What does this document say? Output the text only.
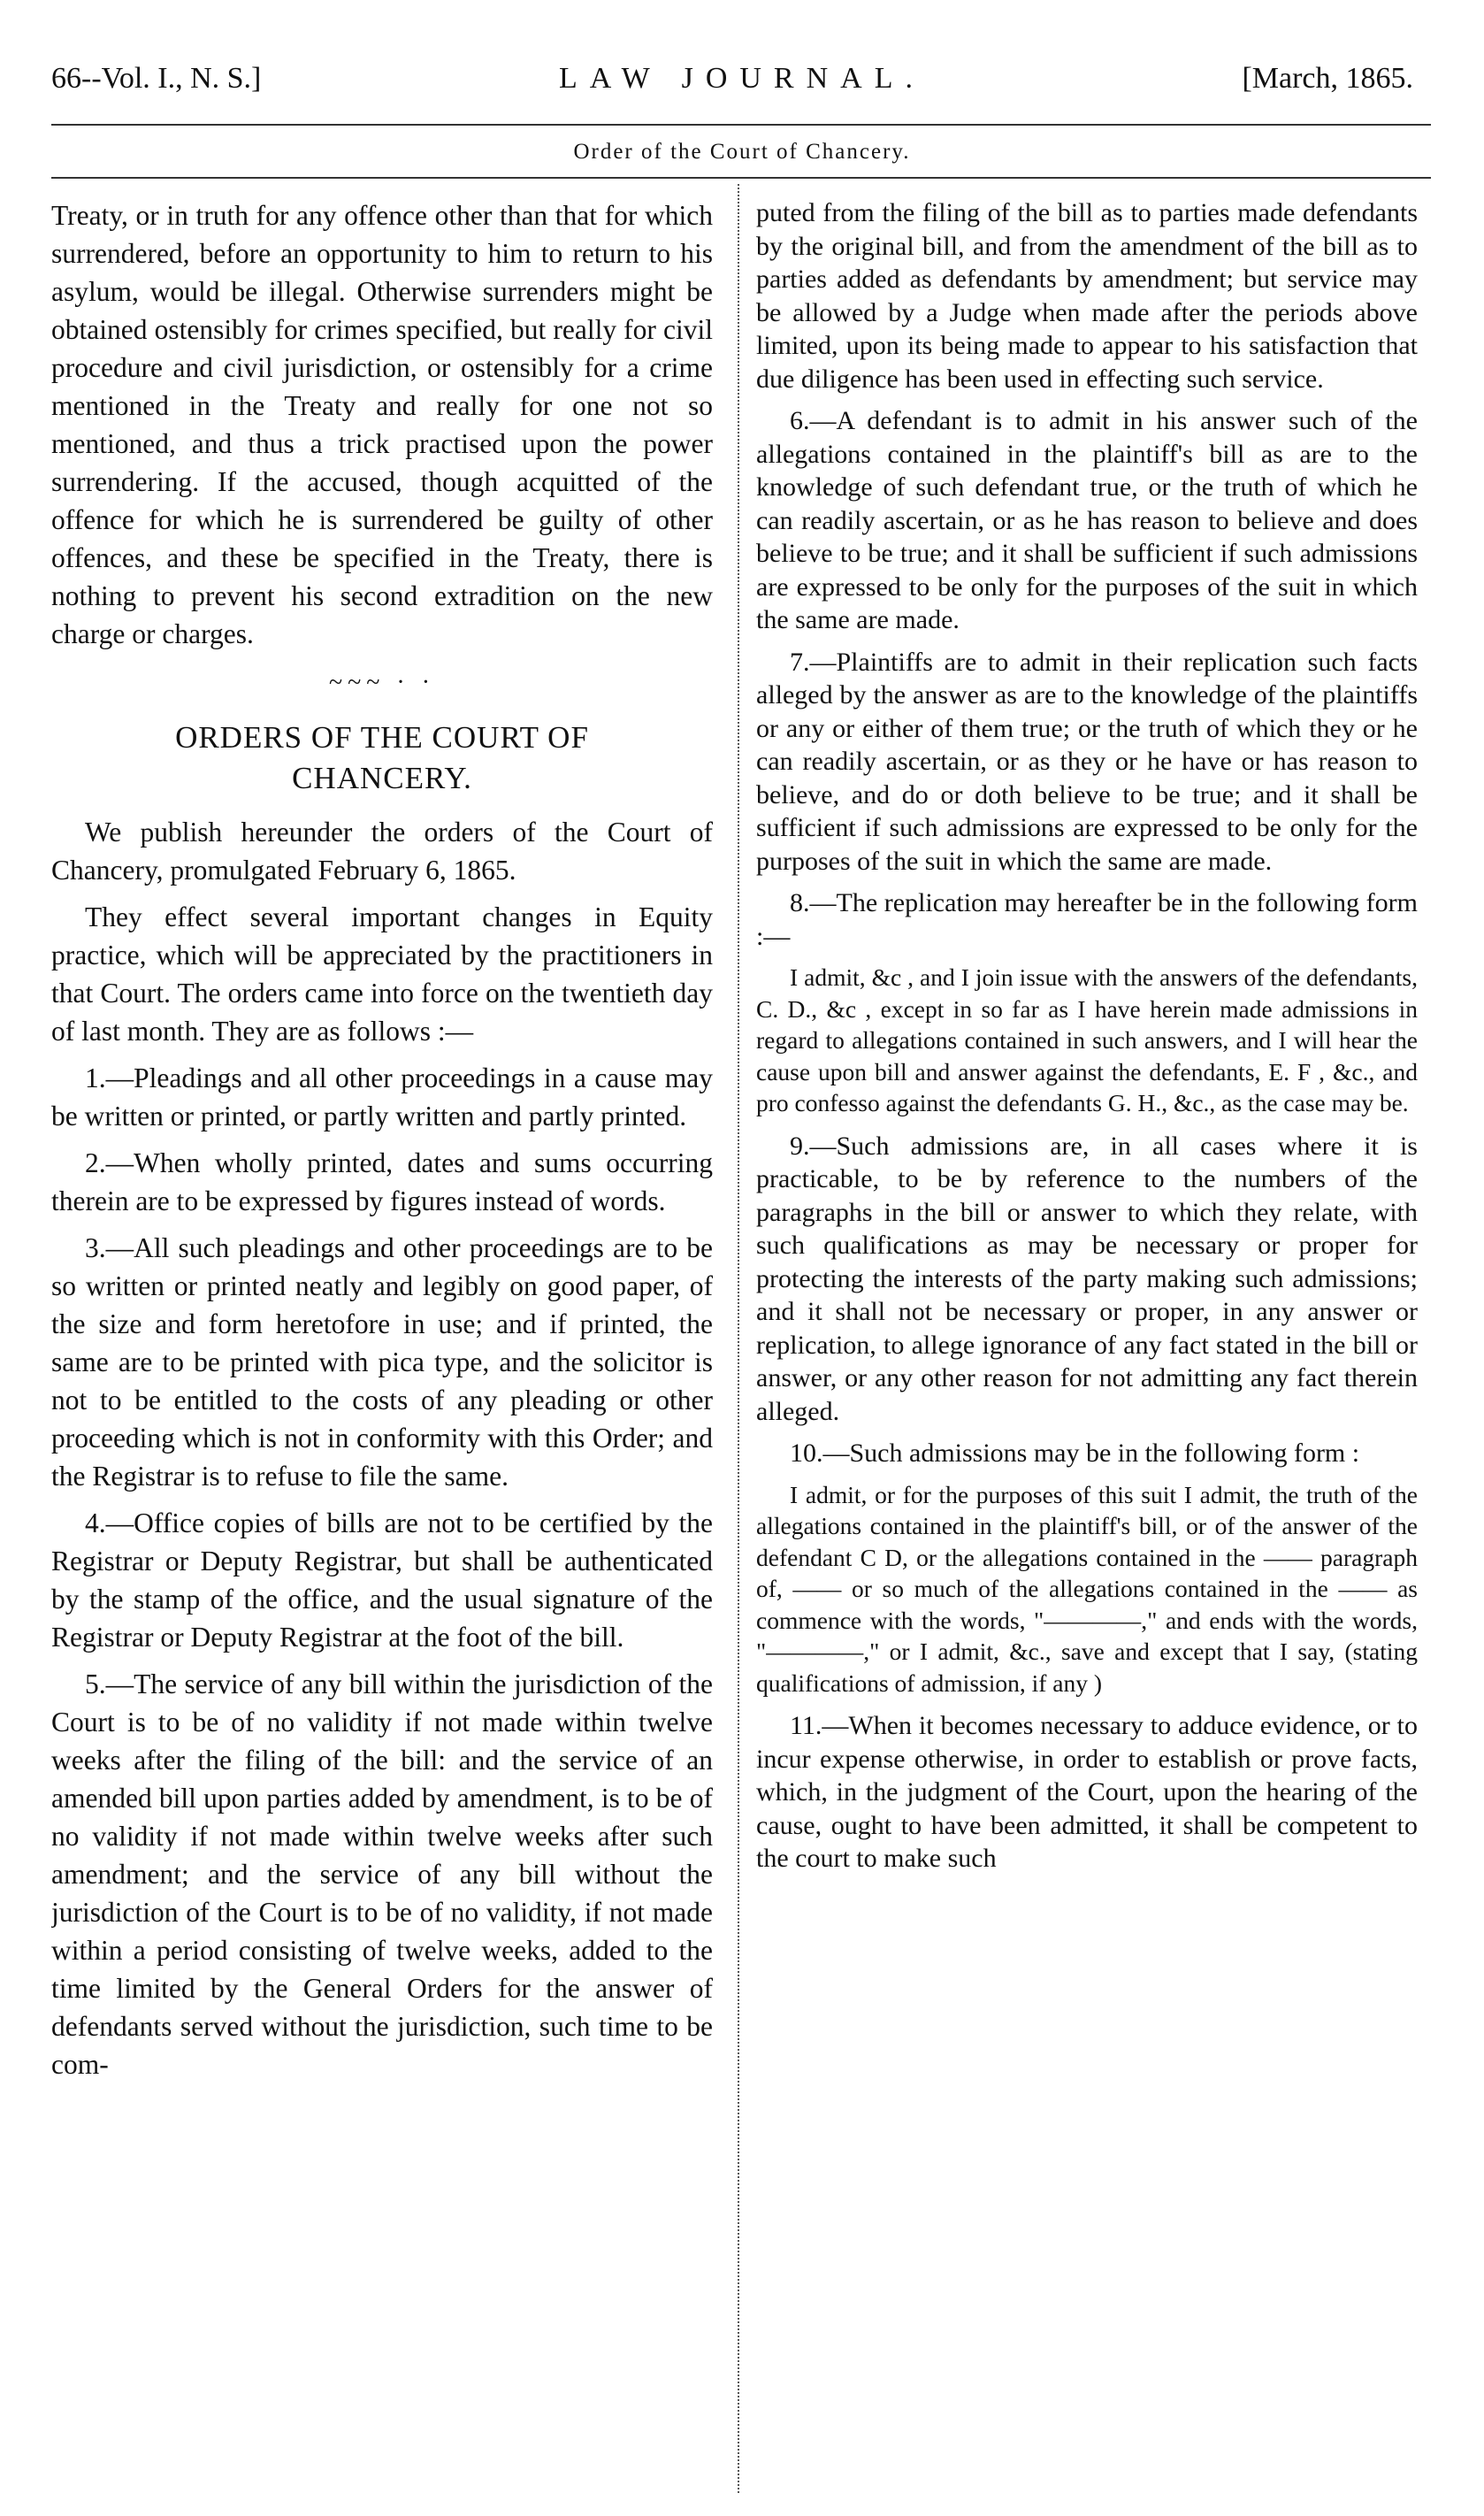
66--Vol. I., N. S.]	LAW JOURNAL.	[March, 1865.
Order of the Court of Chancery.

Treaty, or in truth for any offence other than that for which surrendered, before an opportunity to him to return to his asylum, would be illegal. Otherwise surrenders might be obtained ostensibly for crimes specified, but really for civil procedure and civil jurisdiction, or ostensibly for a crime mentioned in the Treaty and really for one not so mentioned, and thus a trick practised upon the power surrendering. If the accused, though acquitted of the offence for which he is surrendered be guilty of other offences, and these be specified in the Treaty, there is nothing to prevent his second extradition on the new charge or charges.

~~~ · ·
ORDERS OF THE COURT OF
CHANCERY.

We publish hereunder the orders of the Court of Chancery, promulgated February 6, 1865.

They effect several important changes in Equity practice, which will be appreciated by the practitioners in that Court. The orders came into force on the twentieth day of last month. They are as follows :—

1.—Pleadings and all other proceedings in a cause may be written or printed, or partly written and partly printed.

2.—When wholly printed, dates and sums occurring therein are to be expressed by figures instead of words.

3.—All such pleadings and other proceedings are to be so written or printed neatly and legibly on good paper, of the size and form heretofore in use; and if printed, the same are to be printed with pica type, and the solicitor is not to be entitled to the costs of any pleading or other proceeding which is not in conformity with this Order; and the Registrar is to refuse to file the same.

4.—Office copies of bills are not to be certified by the Registrar or Deputy Registrar, but shall be authenticated by the stamp of the office, and the usual signature of the Registrar or Deputy Registrar at the foot of the bill.

5.—The service of any bill within the jurisdiction of the Court is to be of no validity if not made within twelve weeks after the filing of the bill: and the service of an amended bill upon parties added by amendment, is to be of no validity if not made within twelve weeks after such amendment; and the service of any bill without the jurisdiction of the Court is to be of no validity, if not made within a period consisting of twelve weeks, added to the time limited by the General Orders for the answer of defendants served without the jurisdiction, such time to be com-

puted from the filing of the bill as to parties made defendants by the original bill, and from the amendment of the bill as to parties added as defendants by amendment; but service may be allowed by a Judge when made after the periods above limited, upon its being made to appear to his satisfaction that due diligence has been used in effecting such service.

6.—A defendant is to admit in his answer such of the allegations contained in the plaintiff's bill as are to the knowledge of such defendant true, or the truth of which he can readily ascertain, or as he has reason to believe and does believe to be true; and it shall be sufficient if such admissions are expressed to be only for the purposes of the suit in which the same are made.

7.—Plaintiffs are to admit in their replication such facts alleged by the answer as are to the knowledge of the plaintiffs or any or either of them true; or the truth of which they or he can readily ascertain, or as they or he have or has reason to believe, and do or doth believe to be true; and it shall be sufficient if such admissions are expressed to be only for the purposes of the suit in which the same are made.

8.—The replication may hereafter be in the following form :—

I admit, &c , and I join issue with the answers of the defendants, C. D., &c , except in so far as I have herein made admissions in regard to allegations contained in such answers, and I will hear the cause upon bill and answer against the defendants, E. F , &c., and pro confesso against the defendants G. H., &c., as the case may be.

9.—Such admissions are, in all cases where it is practicable, to be by reference to the numbers of the paragraphs in the bill or answer to which they relate, with such qualifications as may be necessary or proper for protecting the interests of the party making such admissions; and it shall not be necessary or proper, in any answer or replication, to allege ignorance of any fact stated in the bill or answer, or any other reason for not admitting any fact therein alleged.

10.—Such admissions may be in the following form :

I admit, or for the purposes of this suit I admit, the truth of the allegations contained in the plaintiff's bill, or of the answer of the defendant C D, or the allegations contained in the —— paragraph of, —— or so much of the allegations contained in the —— as commence with the words, "————," and ends with the words, "————," or I admit, &c., save and except that I say, (stating qualifications of admission, if any )

11.—When it becomes necessary to adduce evidence, or to incur expense otherwise, in order to establish or prove facts, which, in the judgment of the Court, upon the hearing of the cause, ought to have been admitted, it shall be competent to the court to make such
